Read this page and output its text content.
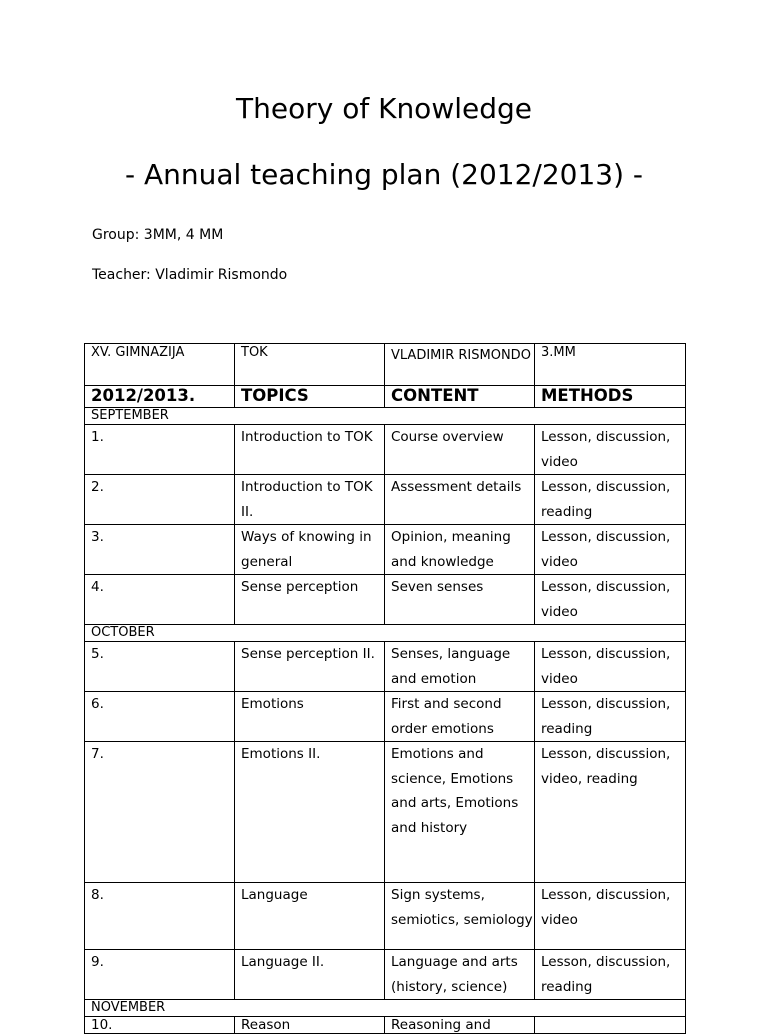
Theory of Knowledge
- Annual teaching plan (2012/2013) -
Group: 3MM, 4 MM
Teacher: Vladimir Rismondo
XV. GIMNAZIJA	TOK	VLADIMIR RISMONDO	3.MM
2012/2013.	TOPICS	CONTENT	METHODS
SEPTEMBER			
1.	Introduction to TOK	Course overview	Lesson, discussion, video
2.	Introduction to TOK II.	Assessment details	Lesson, discussion, reading
3.	Ways of knowing in general	Opinion, meaning and knowledge	Lesson, discussion, video
4.	Sense perception	Seven senses	Lesson, discussion, video
OCTOBER			
5.	Sense perception II.	Senses, language and emotion	Lesson, discussion, video
6.	Emotions	First and second order emotions	Lesson, discussion, reading
7.	Emotions II.	Emotions and science, Emotions and arts, Emotions and history	Lesson, discussion, video, reading
8.	Language	Sign systems, semiotics, semiology	Lesson, discussion, video
9.	Language II.	Language and arts (history, science)	Lesson, discussion, reading
NOVEMBER			
10.	Reason	Reasoning and	
